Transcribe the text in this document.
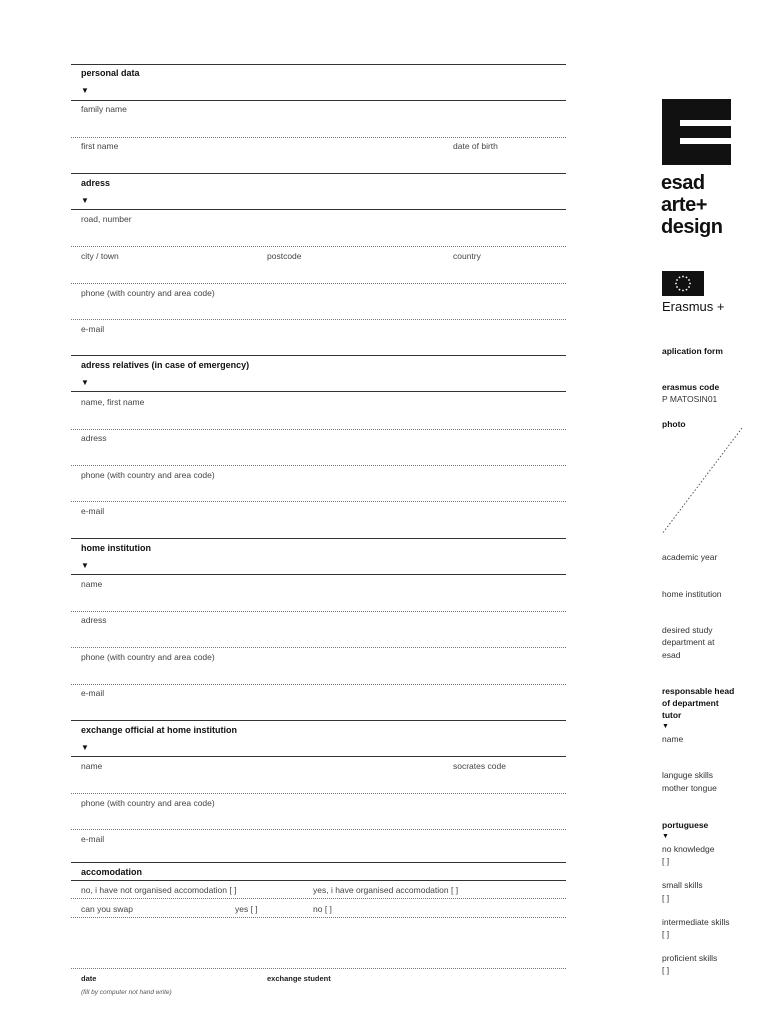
personal data
▼
family name
first name	date of birth
adress
▼
road, number
city / town	postcode	country
phone (with country and area code)
e-mail
adress relatives (in case of emergency)
▼
name, first name
adress
phone (with country and area code)
e-mail
home institution
▼
name
adress
phone (with country and area code)
e-mail
exchange official at home institution
▼
name	socrates code
phone (with country and area code)
e-mail
accomodation
no, i have not organised accomodation [ ]	yes, i have organised accomodation [ ]
can you swap	yes [ ]	no [ ]
date	exchange student
(fill by computer not hand write)
esad
arte+
design
Erasmus +
aplication form
erasmus code
P MATOSIN01
photo
academic year
home institution
desired study
department at
esad
responsable head
of department
tutor
▼
name
languge skills
mother tongue
portuguese
▼
no knowledge
[ ]
small skills
[ ]
intermediate skills
[ ]
proficient skills
[ ]
